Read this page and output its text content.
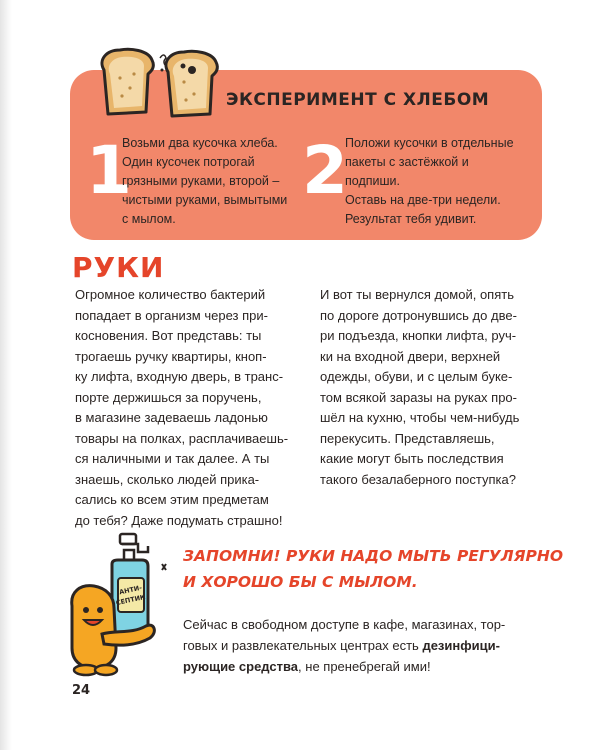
ЭКСПЕРИМЕНТ С ХЛЕБОМ
1
Возьми два кусочка хлеба.
Один кусочек потрогай
грязными руками, второй –
чистыми руками, вымытыми
с мылом.
2
Положи кусочки в отдельные
пакеты с застёжкой и подпиши.
Оставь на две-три недели.
Результат тебя удивит.
РУКИ

Огромное количество бактерий

попадает в организм через при-

косновения. Вот представь: ты

трогаешь ручку квартиры, кноп-

ку лифта, входную дверь, в транс-

порте держишься за поручень,

в магазине задеваешь ладонью

товары на полках, расплачиваешь-

ся наличными и так далее. А ты

знаешь, сколько людей прика-

сались ко всем этим предметам

до тебя? Даже подумать страшно!

И вот ты вернулся домой, опять

по дороге дотронувшись до две-

ри подъезда, кнопки лифта, руч-

ки на входной двери, верхней

одежды, обуви, и с целым буке-

том всякой заразы на руках про-

шёл на кухню, чтобы чем-нибудь

перекусить. Представляешь,

какие могут быть последствия

такого безалаберного поступка?

АНТИ-
СЕПТИК
ЗАПОМНИ! РУКИ НАДО МЫТЬ РЕГУЛЯРНО
И ХОРОШО БЫ С МЫЛОМ.
Сейчас в свободном доступе в кафе, магазинах, тор-
говых и развлекательных центрах есть дезинфици-
рующие средства, не пренебрегай ими!
24
